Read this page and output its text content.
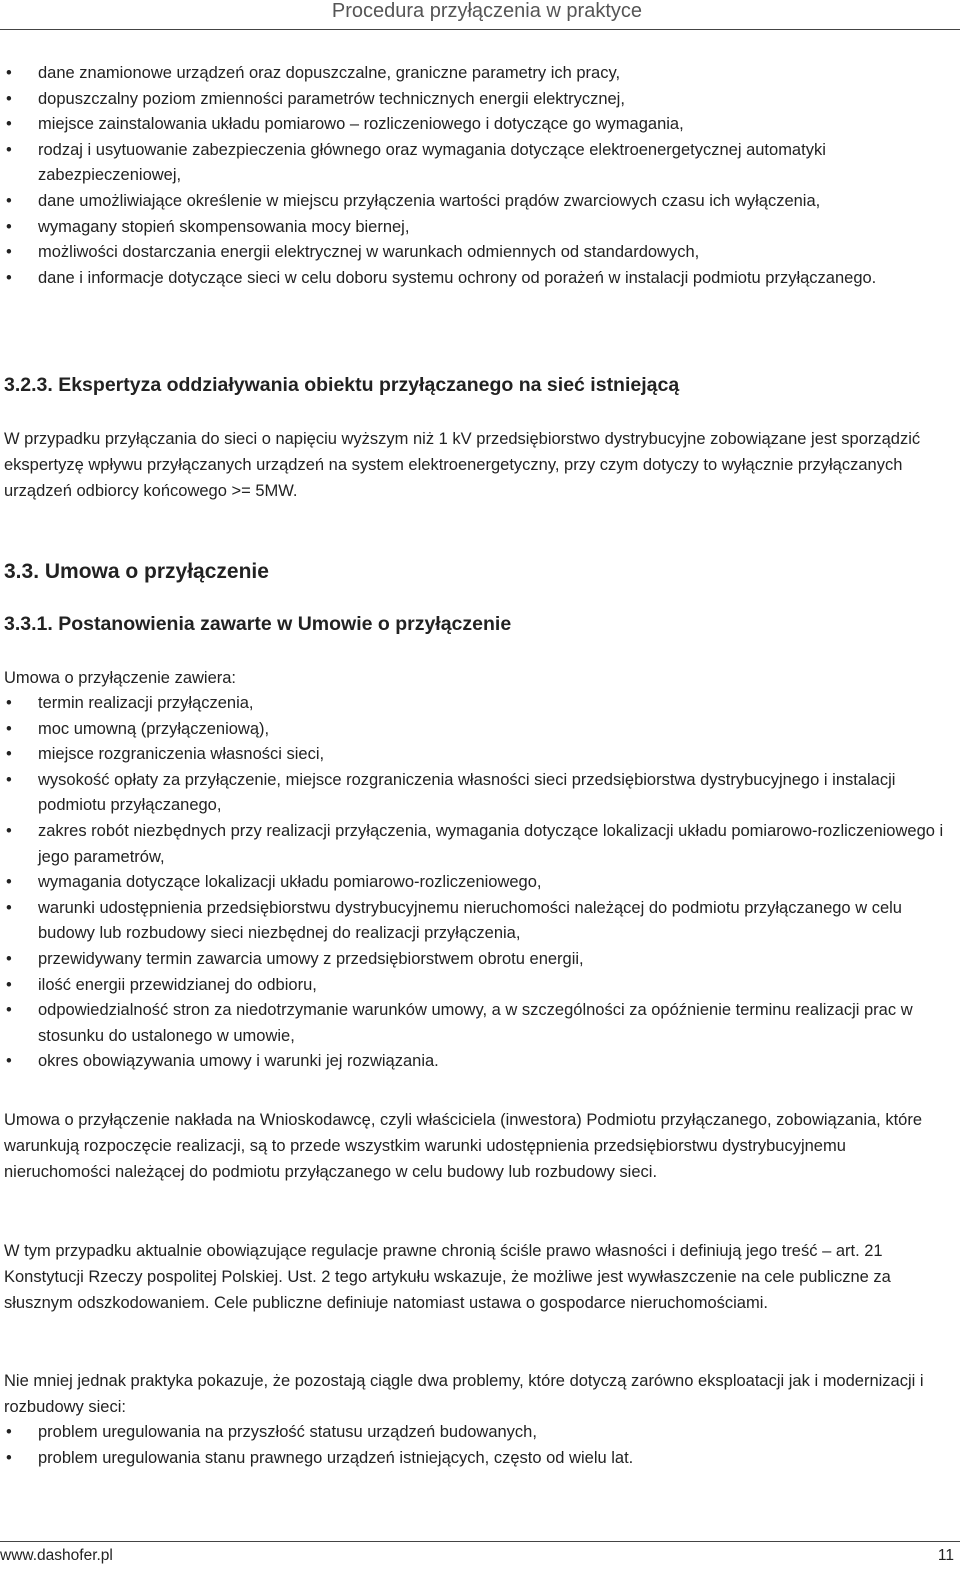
Procedura przyłączenia w praktyce
• dane znamionowe urządzeń oraz dopuszczalne, graniczne parametry ich pracy,
• dopuszczalny poziom zmienności parametrów technicznych energii elektrycznej,
• miejsce zainstalowania układu pomiarowo – rozliczeniowego i dotyczące go wymagania,
• rodzaj i usytuowanie zabezpieczenia głównego oraz wymagania dotyczące elektroenergetycznej automatyki zabezpieczeniowej,
• dane umożliwiające określenie w miejscu przyłączenia wartości prądów zwarciowych czasu ich wyłączenia,
• wymagany stopień skompensowania mocy biernej,
• możliwości dostarczania energii elektrycznej w warunkach odmiennych od standardowych,
• dane i informacje dotyczące sieci w celu doboru systemu ochrony od porażeń w instalacji podmiotu przyłączanego.
3.2.3. Ekspertyza oddziaływania obiektu przyłączanego na sieć istniejącą
W przypadku przyłączania do sieci o napięciu wyższym niż 1 kV przedsiębiorstwo dystrybucyjne zobowiązane jest sporządzić ekspertyzę wpływu przyłączanych urządzeń na system elektroenergetyczny, przy czym dotyczy to wyłącznie przyłączanych urządzeń odbiorcy końcowego >= 5MW.
3.3. Umowa o przyłączenie
3.3.1. Postanowienia zawarte w Umowie o przyłączenie
Umowa o przyłączenie zawiera:
• termin realizacji przyłączenia,
• moc umowną (przyłączeniową),
• miejsce rozgraniczenia własności sieci,
• wysokość opłaty za przyłączenie, miejsce rozgraniczenia własności sieci przedsiębiorstwa dystrybucyjnego i instalacji podmiotu przyłączanego,
• zakres robót niezbędnych przy realizacji przyłączenia, wymagania dotyczące lokalizacji układu pomiarowo-rozliczeniowego i jego parametrów,
• wymagania dotyczące lokalizacji układu pomiarowo-rozliczeniowego,
• warunki udostępnienia przedsiębiorstwu dystrybucyjnemu nieruchomości należącej do podmiotu przyłączanego w celu budowy lub rozbudowy sieci niezbędnej do realizacji przyłączenia,
• przewidywany termin zawarcia umowy z przedsiębiorstwem obrotu energii,
• ilość energii przewidzianej do odbioru,
• odpowiedzialność stron za niedotrzymanie warunków umowy, a w szczególności za opóźnienie terminu realizacji prac w stosunku do ustalonego w umowie,
• okres obowiązywania umowy i warunki jej rozwiązania.
Umowa o przyłączenie nakłada na Wnioskodawcę, czyli właściciela (inwestora) Podmiotu przyłączanego, zobowiązania, które warunkują rozpoczęcie realizacji, są to przede wszystkim warunki udostępnienia przedsiębiorstwu dystrybucyjnemu nieruchomości należącej do podmiotu przyłączanego w celu budowy lub rozbudowy sieci.
W tym przypadku aktualnie obowiązujące regulacje prawne chronią ściśle prawo własności i definiują jego treść – art. 21 Konstytucji Rzeczy pospolitej Polskiej. Ust. 2 tego artykułu wskazuje, że możliwe jest wywłaszczenie na cele publiczne za słusznym odszkodowaniem. Cele publiczne definiuje natomiast ustawa o gospodarce nieruchomościami.
Nie mniej jednak praktyka pokazuje, że pozostają ciągle dwa problemy, które dotyczą zarówno eksploatacji jak i modernizacji i rozbudowy sieci:
• problem uregulowania na przyszłość statusu urządzeń budowanych,
• problem uregulowania stanu prawnego urządzeń istniejących, często od wielu lat.
www.dashofer.pl	11
